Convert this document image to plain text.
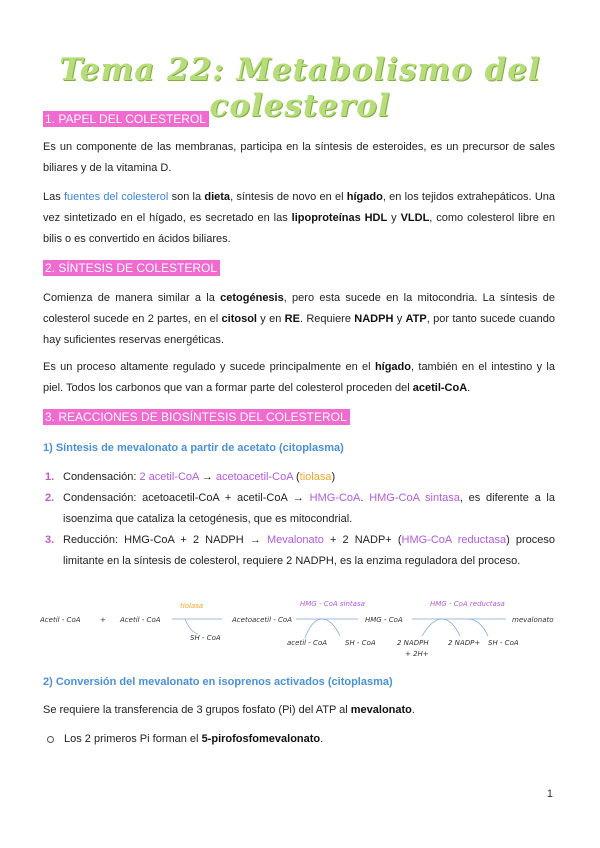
Tema 22: Metabolismo del colesterol
1. PAPEL DEL COLESTEROL
Es un componente de las membranas, participa en la síntesis de esteroides, es un precursor de sales biliares y de la vitamina D.
Las fuentes del colesterol son la dieta, síntesis de novo en el hígado, en los tejidos extrahepáticos. Una vez sintetizado en el hígado, es secretado en las lipoproteínas HDL y VLDL, como colesterol libre en bilis o es convertido en ácidos biliares.
2. SÍNTESIS DE COLESTEROL
Comienza de manera similar a la cetogénesis, pero esta sucede en la mitocondria. La síntesis de colesterol sucede en 2 partes, en el citosol y en RE. Requiere NADPH y ATP, por tanto sucede cuando hay suficientes reservas energéticas.
Es un proceso altamente regulado y sucede principalmente en el hígado, también en el intestino y la piel. Todos los carbonos que van a formar parte del colesterol proceden del acetil-CoA.
3. REACCIONES DE BIOSÍNTESIS DEL COLESTEROL
1) Síntesis de mevalonato a partir de acetato (citoplasma)
1. Condensación: 2 acetil-CoA → acetoacetil-CoA (tiolasa)
2. Condensación: acetoacetil-CoA + acetil-CoA → HMG-CoA. HMG-CoA sintasa, es diferente a la isoenzima que cataliza la cetogénesis, que es mitocondrial.
3. Reducción: HMG-CoA + 2 NADPH → Mevalonato + 2 NADP+ (HMG-CoA reductasa) proceso limitante en la síntesis de colesterol, requiere 2 NADPH, es la enzima reguladora del proceso.
Acetil - CoA	+ Acetil - CoA
tiolasa
SH - CoA
Acetoacetil - CoA
HMG - CoA sintasa
acetil - CoA	SH - CoA
HMG - CoA
HMG - CoA reductasa
2 NADPH
+ 2H+
2 NADP+ SH - CoA
mevalonato
2) Conversión del mevalonato en isoprenos activados (citoplasma)
Se requiere la transferencia de 3 grupos fosfato (Pi) del ATP al mevalonato.
Los 2 primeros Pi forman el 5-pirofosfomevalonato.
1
